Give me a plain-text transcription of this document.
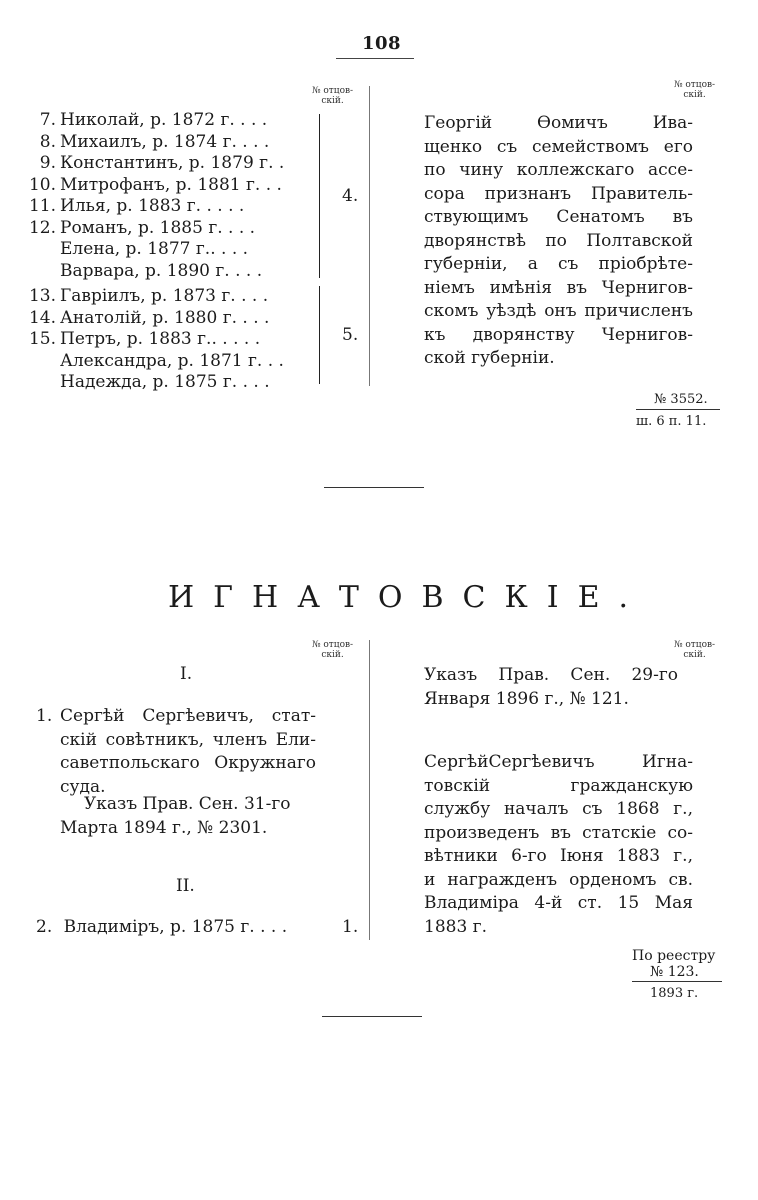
108
№ отцов-
скій.
№ отцов-
скій.
7. Николай, р. 1872 г. . . .
8. Михаилъ, р. 1874 г. . . .
9. Константинъ, р. 1879 г. .
10. Митрофанъ, р. 1881 г. . .
11. Илья, р. 1883 г. . . . .
12. Романъ, р. 1885 г. . . .
Елена, р. 1877 г.. . . .
Варвара, р. 1890 г. . . .
13. Гавріилъ, р. 1873 г. . . .
14. Анатолій, р. 1880 г. . . .
15. Петръ, р. 1883 г.. . . . .
Александра, р. 1871 г. . .
Надежда, р. 1875 г. . . .
4.
5.
Георгій Ѳомичъ Ива-
щенко съ семействомъ его
по чину коллежскаго ассе-
сора признанъ Правитель-
ствующимъ Сенатомъ въ
дворянствѣ по Полтавской
губерніи, а съ пріобрѣте-
ніемъ имѣнія въ Чернигов-
скомъ уѣздѣ онъ причисленъ
къ дворянству Чернигов-
ской губерніи.
№ 3552.
ш. 6 п. 11.
ИГНАТОВСКІЕ.
№ отцов-
скій.
№ отцов-
скій.
I.
1. Сергѣй Сергѣевичъ, стат-
скій совѣтникъ, членъ Ели-
саветпольскаго Окружнаго
суда.
Указъ Прав. Сен. 31-го
Марта 1894 г., № 2301.
II.
2. Владиміръ, р. 1875 г. . . .	1.
Указъ Прав. Сен. 29-го
Января 1896 г., № 121.
СергѣйСергѣевичъ Игна-
товскій гражданскую
службу началъ съ 1868 г.,
произведенъ въ статскіе со-
вѣтники 6-го Іюня 1883 г.,
и награжденъ орденомъ св.
Владиміра 4-й ст. 15 Мая
1883 г.
По реестру
№ 123.
1893 г.
